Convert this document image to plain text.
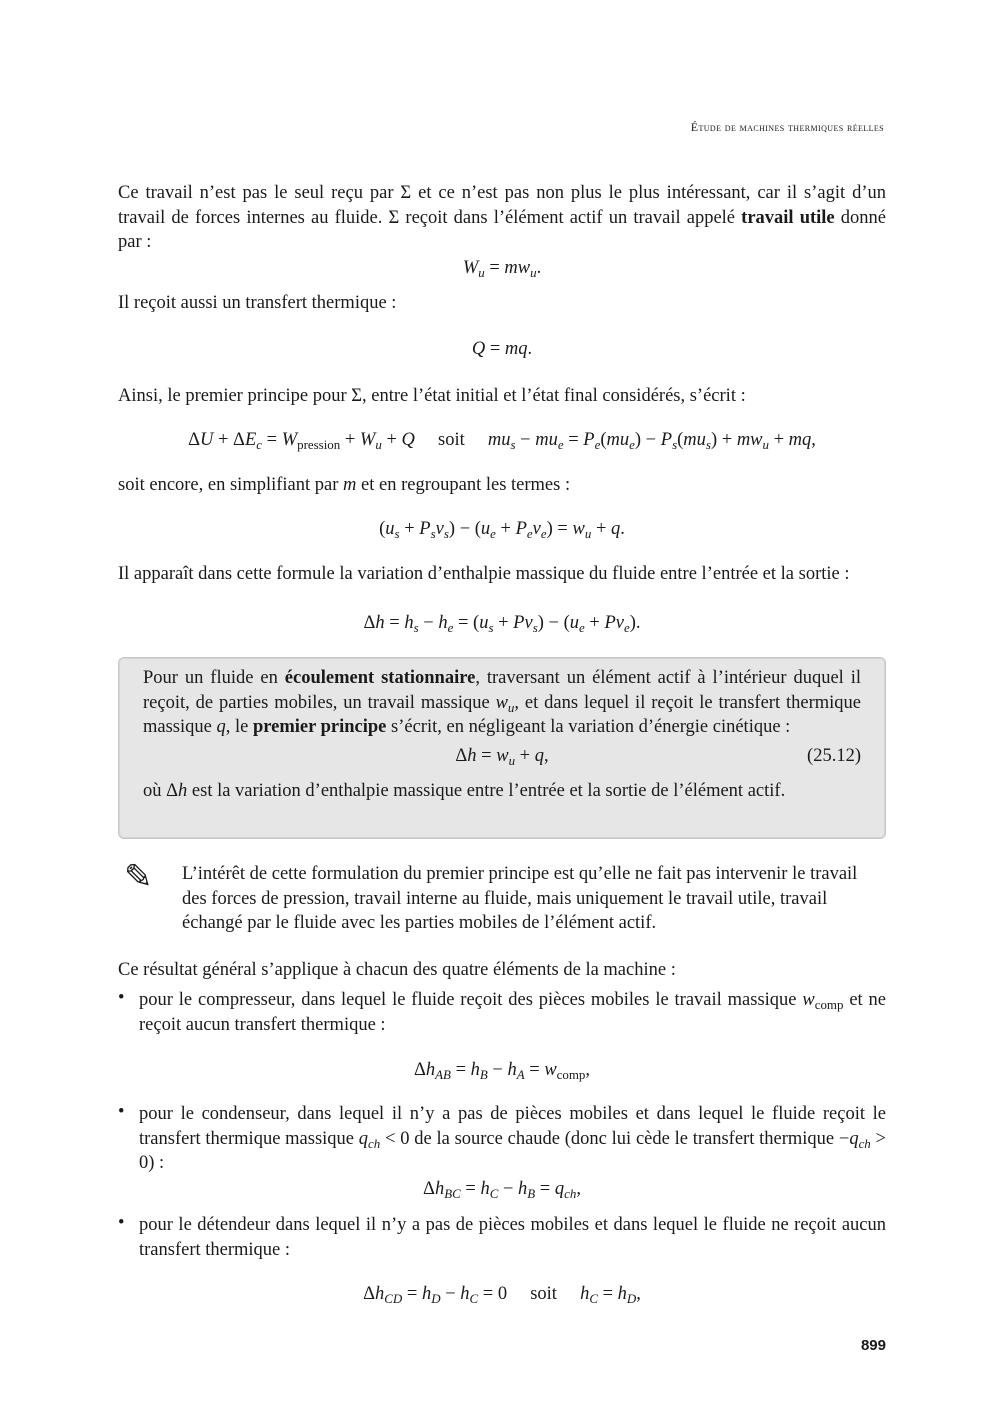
Étude de machines thermiques réelles

Ce travail n’est pas le seul reçu par Σ et ce n’est pas non plus le plus intéressant, car il s’agit d’un travail de forces internes au fluide. Σ reçoit dans l’élément actif un travail appelé travail utile donné par :

$W_u = mw_u$.
Il reçoit aussi un transfert thermique :
Q = mq.
Ainsi, le premier principe pour Σ, entre l’état initial et l’état final considérés, s’écrit :
$\Delta U + \Delta E_c = W_{pression} + W_u + Q$     soit     $mu_s - mu_e = P_e(mu_e) - P_s(mu_s) + mw_u$ + mq,
soit encore, en simplifiant par m et en regroupant les termes :
$(u_s + P_sv_s) - (u_e + P_ev_e) = w_u + q$.
Il apparaît dans cette formule la variation d’enthalpie massique du fluide entre l’entrée et la sortie :
$\Delta h = h_s - h_e = (u_s + Pv_s) - (u_e + Pv_e)$.

Pour un fluide en écoulement stationnaire, traversant un élément actif à l’intérieur duquel il reçoit, de parties mobiles, un travail massique $w_u$, et dans lequel il reçoit le transfert thermique massique q, le premier principe s’écrit, en négligeant la variation d’énergie cinétique :

$\Delta h = w_u + q$,	(25.12)

où Δh est la variation d’enthalpie massique entre l’entrée et la sortie de l’élément actif.

✎ L’intérêt de cette formulation du premier principe est qu’elle ne fait pas intervenir le travail des forces de pression, travail interne au fluide, mais uniquement le travail utile, travail échangé par le fluide avec les parties mobiles de l’élément actif.
Ce résultat général s’applique à chacun des quatre éléments de la machine :
• pour le compresseur, dans lequel le fluide reçoit des pièces mobiles le travail massique $w_{comp}$ et ne reçoit aucun transfert thermique :
$\Delta h_{AB} = h_B - h_A = w_{comp}$,
• pour le condenseur, dans lequel il n’y a pas de pièces mobiles et dans lequel le fluide reçoit le transfert thermique massique $q_{ch} < 0$ de la source chaude (donc lui cède le transfert thermique $-q_{ch} > 0$) :
$\Delta h_{BC} = h_C - h_B = q_{ch}$,
• pour le détendeur dans lequel il n’y a pas de pièces mobiles et dans lequel le fluide ne reçoit aucun transfert thermique :
$\Delta h_{CD} = h_D - h_C = 0$     soit     $h_C = h_D$,
899
